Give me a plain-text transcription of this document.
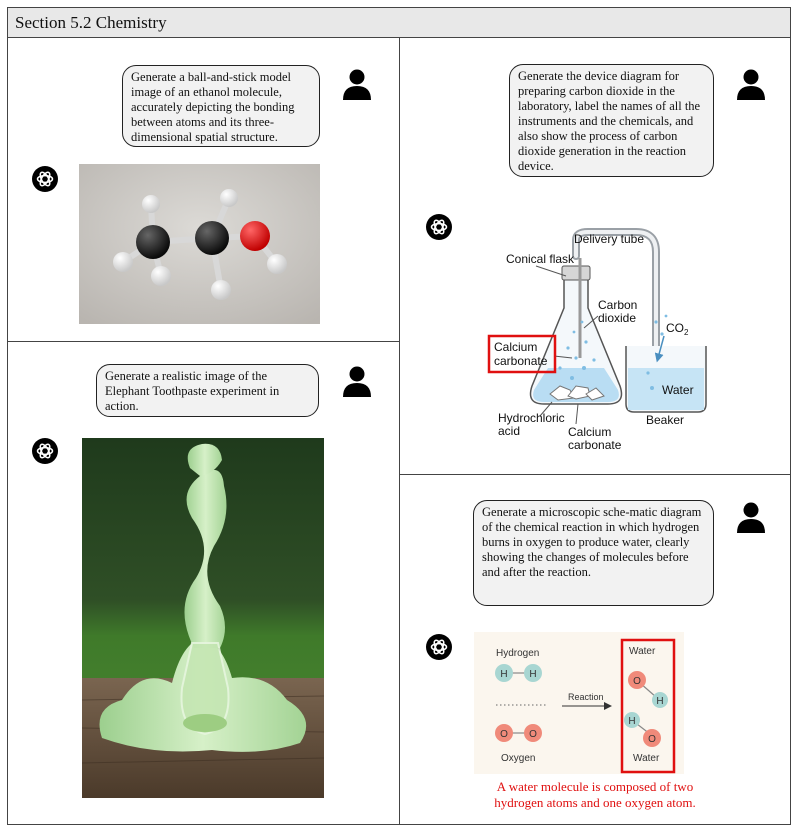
Section 5.2 Chemistry
Generate a ball-and-stick model image of an ethanol molecule, accurately depicting the bonding between atoms and its three-dimensional spatial structure.
Generate a realistic image of the Elephant Toothpaste experiment in action.
Generate the device diagram for preparing carbon dioxide in the laboratory, label the names of all the instruments and the chemicals, and also show the process of carbon dioxide generation in the reaction device.
Delivery tube
Conical flask
Carbon
dioxide
$CO_2$
Calcium
carbonate
Water
Beaker
Hydrochloric
acid	Calcium
carbonate
Generate a microscopic sche-matic diagram of the chemical reaction in which hydrogen burns in oxygen to produce water, clearly showing the changes of molecules before and after the reaction.
Hydrogen
H H
Reaction
O O
Oxygen
Water
O
H
H
O
Water
A water molecule is composed of two
hydrogen atoms and one oxygen atom.
